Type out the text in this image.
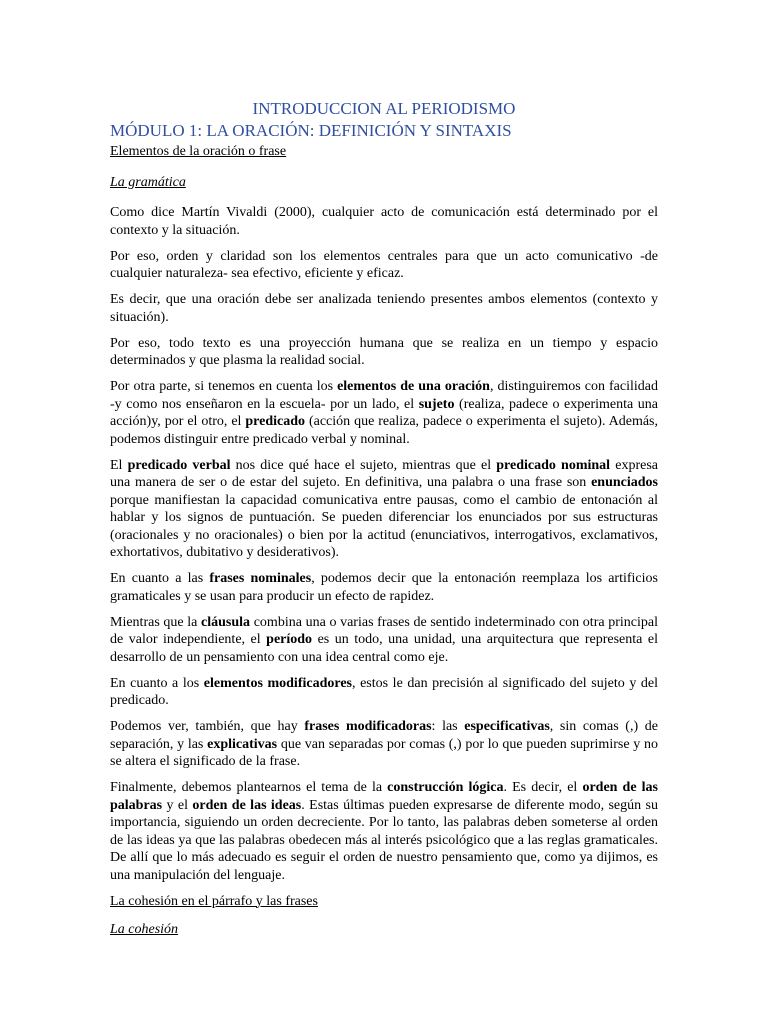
INTRODUCCION AL PERIODISMO
MÓDULO 1: LA ORACIÓN: DEFINICIÓN Y SINTAXIS
Elementos de la oración o frase
La gramática

Como dice Martín Vivaldi (2000), cualquier acto de comunicación está determinado por el contexto y la situación.

Por eso, orden y claridad son los elementos centrales para que un acto comunicativo -de cualquier naturaleza- sea efectivo, eficiente y eficaz.

Es decir, que una oración debe ser analizada teniendo presentes ambos elementos (contexto y situación).

Por eso, todo texto es una proyección humana que se realiza en un tiempo y espacio determinados y que plasma la realidad social.

Por otra parte, si tenemos en cuenta los elementos de una oración, distinguiremos con facilidad -y como nos enseñaron en la escuela- por un lado, el sujeto (realiza, padece o experimenta una acción)y, por el otro, el predicado (acción que realiza, padece o experimenta el sujeto). Además, podemos distinguir entre predicado verbal y nominal.

El predicado verbal nos dice qué hace el sujeto, mientras que el predicado nominal expresa una manera de ser o de estar del sujeto. En definitiva, una palabra o una frase son enunciados porque manifiestan la capacidad comunicativa entre pausas, como el cambio de entonación al hablar y los signos de puntuación. Se pueden diferenciar los enunciados por sus estructuras (oracionales y no oracionales) o bien por la actitud (enunciativos, interrogativos, exclamativos, exhortativos, dubitativo y desiderativos).

En cuanto a las frases nominales, podemos decir que la entonación reemplaza los artificios gramaticales y se usan para producir un efecto de rapidez.

Mientras que la cláusula combina una o varias frases de sentido indeterminado con otra principal de valor independiente, el período es un todo, una unidad, una arquitectura que representa el desarrollo de un pensamiento con una idea central como eje.

En cuanto a los elementos modificadores, estos le dan precisión al significado del sujeto y del predicado.

Podemos ver, también, que hay frases modificadoras: las especificativas, sin comas (,) de separación, y las explicativas que van separadas por comas (,) por lo que pueden suprimirse y no se altera el significado de la frase.

Finalmente, debemos plantearnos el tema de la construcción lógica. Es decir, el orden de las palabras y el orden de las ideas. Estas últimas pueden expresarse de diferente modo, según su importancia, siguiendo un orden decreciente. Por lo tanto, las palabras deben someterse al orden de las ideas ya que las palabras obedecen más al interés psicológico que a las reglas gramaticales. De allí que lo más adecuado es seguir el orden de nuestro pensamiento que, como ya dijimos, es una manipulación del lenguaje.

La cohesión en el párrafo y las frases
La cohesión
